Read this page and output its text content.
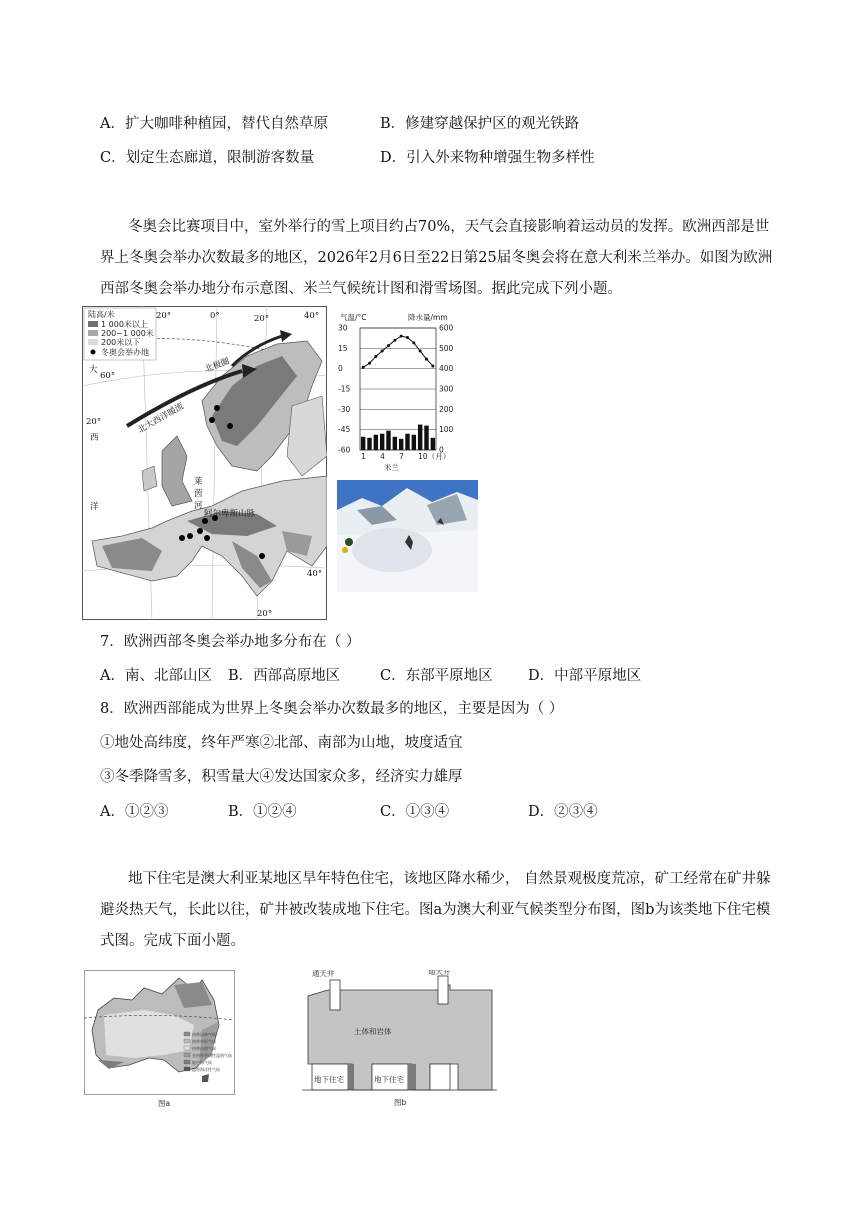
A．扩大咖啡种植园，替代自然草原	B．修建穿越保护区的观光铁路
C．划定生态廊道，限制游客数量	D．引入外来物种增强生物多样性
冬奥会比赛项目中，室外举行的雪上项目约占70%，天气会直接影响着运动员的发挥。欧洲西部是世界上冬奥会举办次数最多的地区，2026年2月6日至22日第25届冬奥会将在意大利米兰举办。如图为欧洲西部冬奥会举办地分布示意图、米兰气候统计图和滑雪场图。据此完成下列小题。
陆高/米
1 000米以上
200~1 000米
200米以下
冬奥会举办地
20°	0°	20°	40°
60°
20°
40°
20°
大
西
洋
北大西洋暖流
北极圈
阿尔卑斯山脉
莱
茵
河
气温/°C	降水量/mm
30	600
15	500
0	400
-15	300
-30	200
-45	100
-60	0
1 4 7 10（月）
米兰
7．欧洲西部冬奥会举办地多分布在（ ）
A．南、北部山区 B．西部高原地区	C．东部平原地区 D．中部平原地区
8．欧洲西部能成为世界上冬奥会举办次数最多的地区，主要是因为（ ）
①地处高纬度，终年严寒②北部、南部为山地，坡度适宜
③冬季降雪多，积雪量大④发达国家众多，经济实力雄厚
A．①②③	B．①②④	C．①③④	D．②③④
地下住宅是澳大利亚某地区旱年特色住宅，该地区降水稀少， 自然景观极度荒凉，矿工经常在矿井躲避炎热天气，长此以往，矿井被改装成地下住宅。图a为澳大利亚气候类型分布图，图b为该类地下住宅模式图。完成下面小题。
热带雨林气候
热带草原气候
热带沙漠气候
亚热带季风性湿润气候
地中海气候
温带海洋性气候
图a
通天井	通天井
土体和岩体
地下住宅	地下住宅
图b
